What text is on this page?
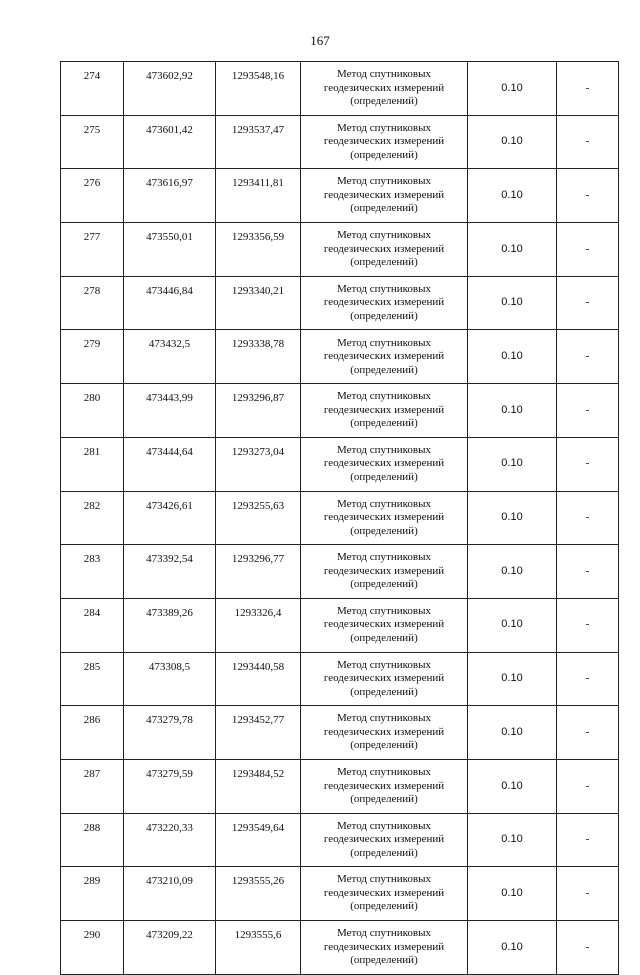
167
274	473602,92	1293548,16	Метод спутниковых
геодезических измерений
(определений)	0.10	-
275	473601,42	1293537,47	Метод спутниковых
геодезических измерений
(определений)	0.10	-
276	473616,97	1293411,81	Метод спутниковых
геодезических измерений
(определений)	0.10	-
277	473550,01	1293356,59	Метод спутниковых
геодезических измерений
(определений)	0.10	-
278	473446,84	1293340,21	Метод спутниковых
геодезических измерений
(определений)	0.10	-
279	473432,5	1293338,78	Метод спутниковых
геодезических измерений
(определений)	0.10	-
280	473443,99	1293296,87	Метод спутниковых
геодезических измерений
(определений)	0.10	-
281	473444,64	1293273,04	Метод спутниковых
геодезических измерений
(определений)	0.10	-
282	473426,61	1293255,63	Метод спутниковых
геодезических измерений
(определений)	0.10	-
283	473392,54	1293296,77	Метод спутниковых
геодезических измерений
(определений)	0.10	-
284	473389,26	1293326,4	Метод спутниковых
геодезических измерений
(определений)	0.10	-
285	473308,5	1293440,58	Метод спутниковых
геодезических измерений
(определений)	0.10	-
286	473279,78	1293452,77	Метод спутниковых
геодезических измерений
(определений)	0.10	-
287	473279,59	1293484,52	Метод спутниковых
геодезических измерений
(определений)	0.10	-
288	473220,33	1293549,64	Метод спутниковых
геодезических измерений
(определений)	0.10	-
289	473210,09	1293555,26	Метод спутниковых
геодезических измерений
(определений)	0.10	-
290	473209,22	1293555,6	Метод спутниковых
геодезических измерений
(определений)	0.10	-
